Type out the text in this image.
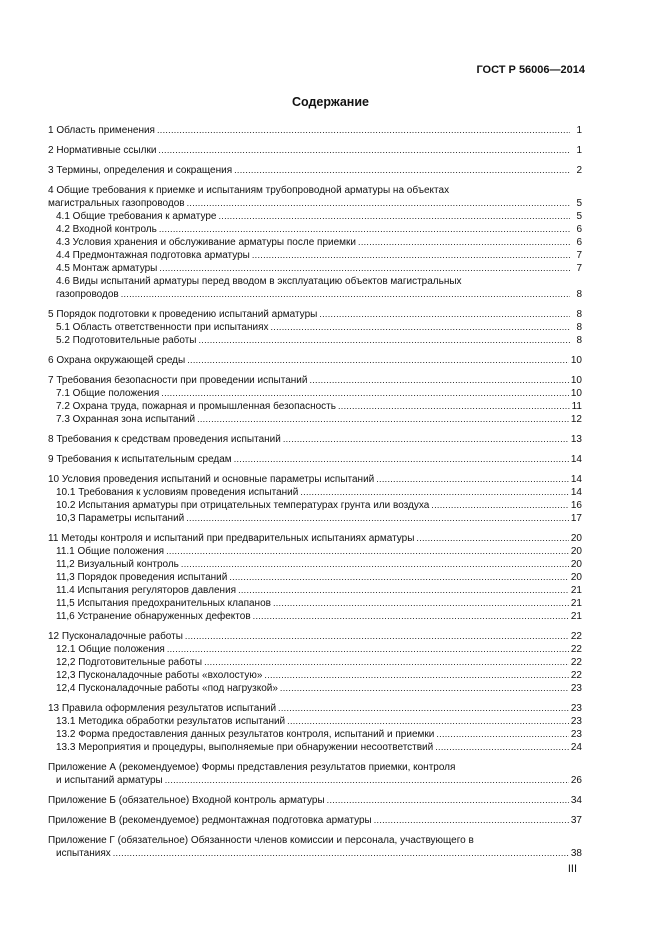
ГОСТ Р 56006—2014
Содержание
1 Область применения .....	1
2 Нормативные ссылки .....	1
3 Термины, определения и сокращения .....	2
4 Общие требования к приемке и испытаниям трубопроводной арматуры на объектах
магистральных газопроводов .....	5
4.1 Общие требования к арматуре .....	5
4.2 Входной контроль .....	6
4.3 Условия хранения и обслуживание арматуры после приемки .....	6
4.4 Предмонтажная подготовка арматуры .....	7
4.5 Монтаж арматуры .....	7
4.6 Виды испытаний арматуры перед вводом в эксплуатацию объектов магистральных
газопроводов .....	8
5 Порядок подготовки к проведению испытаний арматуры .....	8
5.1 Область ответственности при испытаниях .....	8
5.2 Подготовительные работы .....	8
6 Охрана окружающей среды .....	10
7 Требования безопасности при проведении испытаний .....	10
7.1 Общие положения .....	10
7.2 Охрана труда, пожарная и промышленная безопасность .....	11
7.3 Охранная зона испытаний .....	12
8 Требования к средствам проведения испытаний .....	13
9 Требования к испытательным средам .....	14
10 Условия проведения испытаний и основные параметры испытаний .....	14
10.1 Требования к условиям проведения испытаний .....	14
10.2 Испытания арматуры при отрицательных температурах грунта или воздуха .....	16
10,3 Параметры испытаний .....	17
11 Методы контроля и испытаний при предварительных испытаниях арматуры .....	20
11.1 Общие положения .....	20
11,2 Визуальный контроль .....	20
11,3 Порядок проведения испытаний .....	20
11.4 Испытания регуляторов давления .....	21
11,5 Испытания предохранительных клапанов .....	21
11,6 Устранение обнаруженных дефектов .....	21
12 Пусконаладочные работы .....	22
12.1 Общие положения .....	22
12,2 Подготовительные работы .....	22
12,3 Пусконаладочные работы «вхолостую» .....	22
12,4 Пусконаладочные работы «под нагрузкой» .....	23
13 Правила оформления результатов испытаний .....	23
13.1 Методика обработки результатов испытаний .....	23
13.2 Форма предоставления данных результатов контроля, испытаний и приемки .....	23
13.3 Мероприятия и процедуры, выполняемые при обнаружении несоответствий .....	24
Приложение А (рекомендуемое) Формы представления результатов приемки, контроля
и испытаний арматуры .....	26
Приложение Б (обязательное) Входной контроль арматуры .....	34
Приложение В (рекомендуемое) редмонтажная подготовка арматуры .....	37
Приложение Г (обязательное) Обязанности членов комиссии и персонала, участвующего в
испытаниях .....	38
III
